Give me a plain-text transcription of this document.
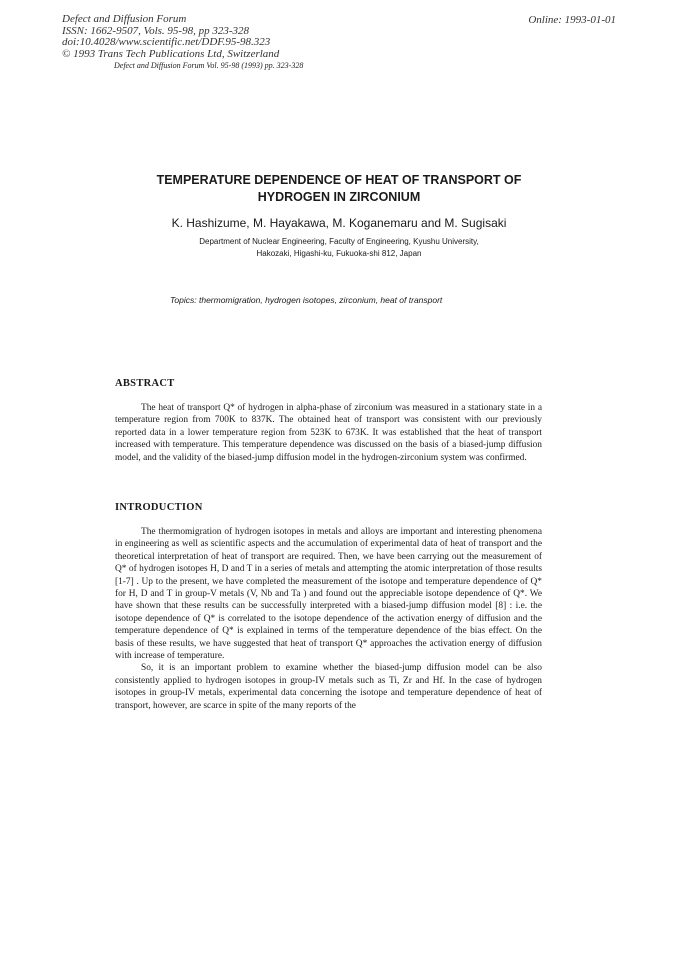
Defect and Diffusion Forum
ISSN: 1662-9507, Vols. 95-98, pp 323-328
doi:10.4028/www.scientific.net/DDF.95-98.323
© 1993 Trans Tech Publications Ltd, Switzerland
Online: 1993-01-01
Defect and Diffusion Forum Vol. 95-98 (1993) pp. 323-328
TEMPERATURE DEPENDENCE OF HEAT OF TRANSPORT OF
HYDROGEN IN ZIRCONIUM
K. Hashizume, M. Hayakawa, M. Koganemaru and M. Sugisaki
Department of Nuclear Engineering, Faculty of Engineering, Kyushu University,
Hakozaki, Higashi-ku, Fukuoka-shi 812, Japan
Topics: thermomigration, hydrogen isotopes, zirconium, heat of transport
ABSTRACT

The heat of transport Q* of hydrogen in alpha-phase of zirconium was measured in a stationary state in a temperature region from 700K to 837K. The obtained heat of transport was consistent with our previously reported data in a lower temperature region from 523K to 673K. It was established that the heat of transport increased with temperature. This temperature dependence was discussed on the basis of a biased-jump diffusion model, and the validity of the biased-jump diffusion model in the hydrogen-zirconium system was confirmed.

INTRODUCTION

The thermomigration of hydrogen isotopes in metals and alloys are important and interesting phenomena in engineering as well as scientific aspects and the accumulation of experimental data of heat of transport and the theoretical interpretation of heat of transport are required. Then, we have been carrying out the measurement of Q* of hydrogen isotopes H, D and T in a series of metals and attempting the atomic interpretation of those results [1-7] . Up to the present, we have completed the measurement of the isotope and temperature dependence of Q* for H, D and T in group-V metals (V, Nb and Ta ) and found out the appreciable isotope dependence of Q*. We have shown that these results can be successfully interpreted with a biased-jump diffusion model [8] : i.e. the isotope dependence of Q* is correlated to the isotope dependence of the activation energy of diffusion and the temperature dependence of Q* is explained in terms of the temperature dependence of the bias effect. On the basis of these results, we have suggested that heat of transport Q* approaches the activation energy of diffusion with increase of temperature.

So, it is an important problem to examine whether the biased-jump diffusion model can be also consistently applied to hydrogen isotopes in group-IV metals such as Ti, Zr and Hf. In the case of hydrogen isotopes in group-IV metals, experimental data concerning the isotope and temperature dependence of heat of transport, however, are scarce in spite of the many reports of the
